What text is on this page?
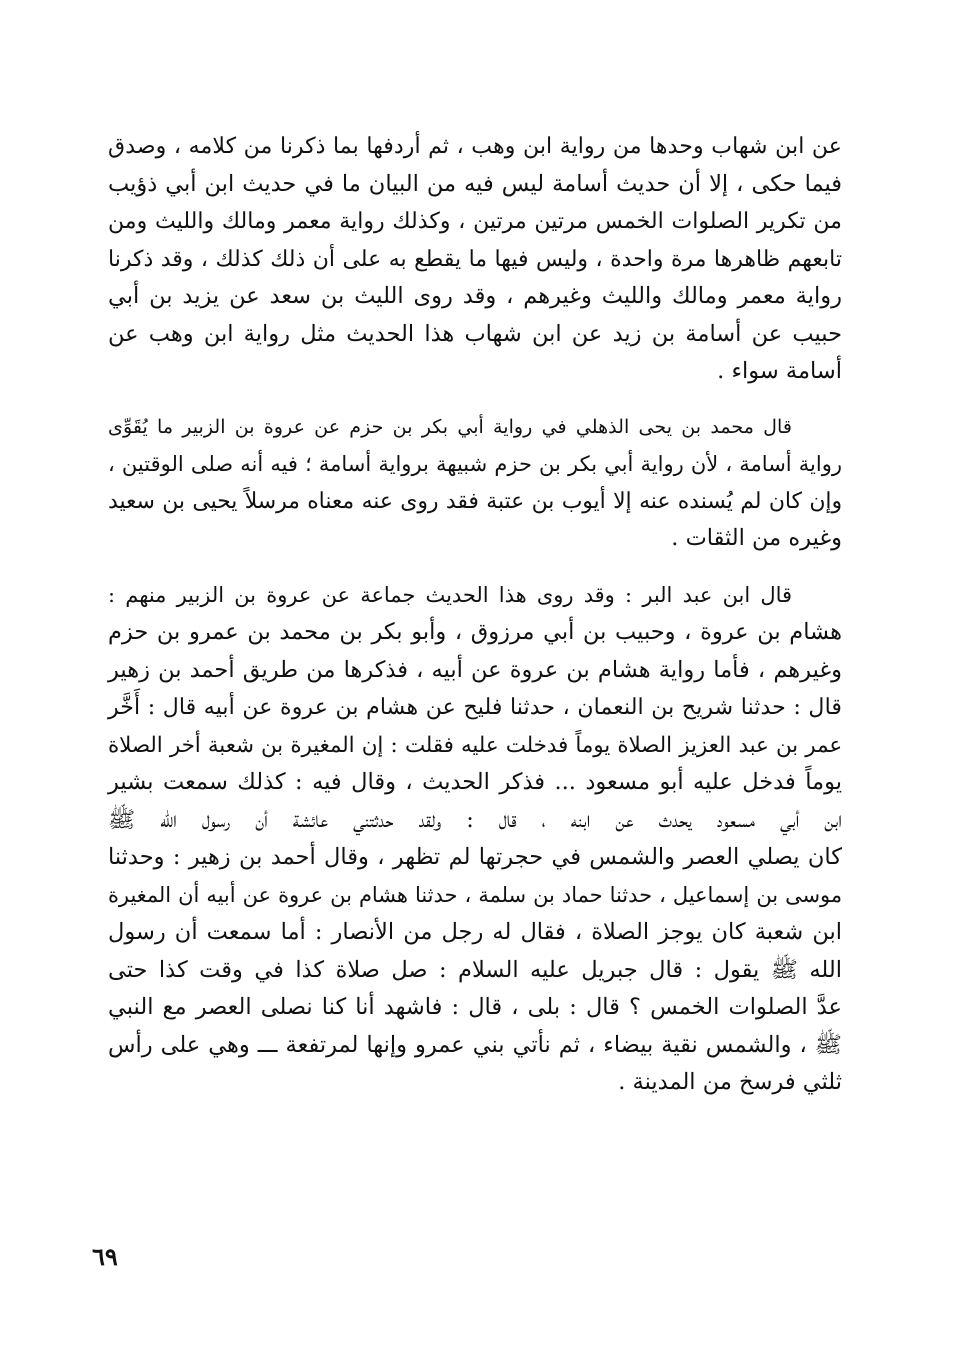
عن ابن شهاب وحدها من رواية ابن وهب ، ثم أردفها بما ذكرنا من كلامه ، وصدق
فيما حكى ، إلا أن حديث أسامة ليس فيه من البيان ما في حديث ابن أبي ذؤيب
من تكرير الصلوات الخمس مرتين مرتين ، وكذلك رواية معمر ومالك والليث ومن
تابعهم ظاهرها مرة واحدة ، وليس فيها ما يقطع به على أن ذلك كذلك ، وقد ذكرنا
رواية معمر ومالك والليث وغيرهم ، وقد روى الليث بن سعد عن يزيد بن أبي
حبيب عن أسامة بن زيد عن ابن شهاب هذا الحديث مثل رواية ابن وهب عن
أسامة سواء .
قال محمد بن يحى الذهلي في رواية أبي بكر بن حزم عن عروة بن الزبير ما يُقَوِّى
رواية أسامة ، لأن رواية أبي بكر بن حزم شبيهة برواية أسامة ؛ فيه أنه صلى الوقتين ،
وإن كان لم يُسنده عنه إلا أيوب بن عتبة فقد روى عنه معناه مرسلاً يحيى بن سعيد
وغيره من الثقات .
قال ابن عبد البر : وقد روى هذا الحديث جماعة عن عروة بن الزبير منهم :
هشام بن عروة ، وحبيب بن أبي مرزوق ، وأبو بكر بن محمد بن عمرو بن حزم
وغيرهم ، فأما رواية هشام بن عروة عن أبيه ، فذكرها من طريق أحمد بن زهير
قال : حدثنا شريح بن النعمان ، حدثنا فليح عن هشام بن عروة عن أبيه قال : أَخَّر
عمر بن عبد العزيز الصلاة يوماً فدخلت عليه فقلت : إن المغيرة بن شعبة أخر الصلاة
يوماً فدخل عليه أبو مسعود ... فذكر الحديث ، وقال فيه : كذلك سمعت بشير
ابن أبي مسعود يحدث عن ابنه ، قال : ولقد حدثتني عائشة أن رسول الله ﷺ
كان يصلي العصر والشمس في حجرتها لم تظهر ، وقال أحمد بن زهير : وحدثنا
موسى بن إسماعيل ، حدثنا حماد بن سلمة ، حدثنا هشام بن عروة عن أبيه أن المغيرة
ابن شعبة كان يوجز الصلاة ، فقال له رجل من الأنصار : أما سمعت أن رسول
الله ﷺ يقول : قال جبريل عليه السلام : صل صلاة كذا في وقت كذا حتى
عدَّ الصلوات الخمس ؟ قال : بلى ، قال : فاشهد أنا كنا نصلى العصر مع النبي
ﷺ ، والشمس نقية بيضاء ، ثم نأتي بني عمرو وإنها لمرتفعة ـــ وهي على رأس
ثلثي فرسخ من المدينة .
٦٩
